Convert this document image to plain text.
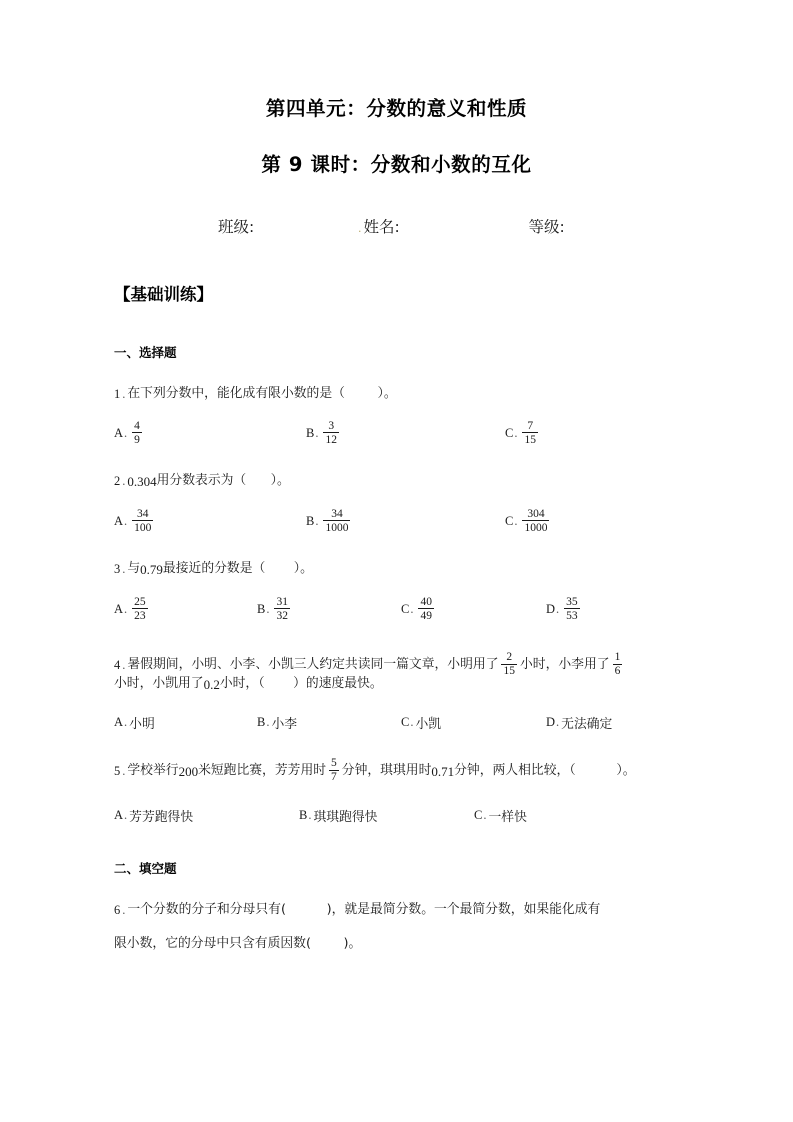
第四单元：分数的意义和性质
第 9 课时：分数和小数的互化
班级:	. 姓名:	等级:
【基础训练】
一、选择题
1 . 在下列分数中，能化成有限小数的是（
	）。
A . $\frac{4}{9}$	B . $\frac{3}{12}$	C . $\frac{7}{15}$
2 . 0.304 用分数表示为（
）。
A . $\frac{34}{100}$	B . $\frac{34}{1000}$	C . $\frac{304}{1000}$
3 . 与 0.79 最接近的分数是（
）。
A . $\frac{25}{23}$	B . $\frac{31}{32}$	C . $\frac{40}{49}$	D . $\frac{35}{53}$
4 . 暑假期间，小明、小李、小凯三人约定共读同一篇文章，小明用了 $\frac{2}{15}$ 小时，小李用了 $\frac{1}{6}$
小时，小凯用了 0.2 小时，（
）的速度最快。
A . 小明	B . 小李	C . 小凯	D . 无法确定
5 . 学校举行 200 米短跑比赛，芳芳用时 $\frac{5}{7}$ 分钟，琪琪用时 0.71 分钟，两人相比较，（
	）。
A . 芳芳跑得快	B . 琪琪跑得快	C . 一样快
二、填空题
6 . 一个分数的分子和分母只有(
	)，就是最简分数。一个最简分数，如果能化成有
限小数，它的分母中只含有质因数(
	)。
